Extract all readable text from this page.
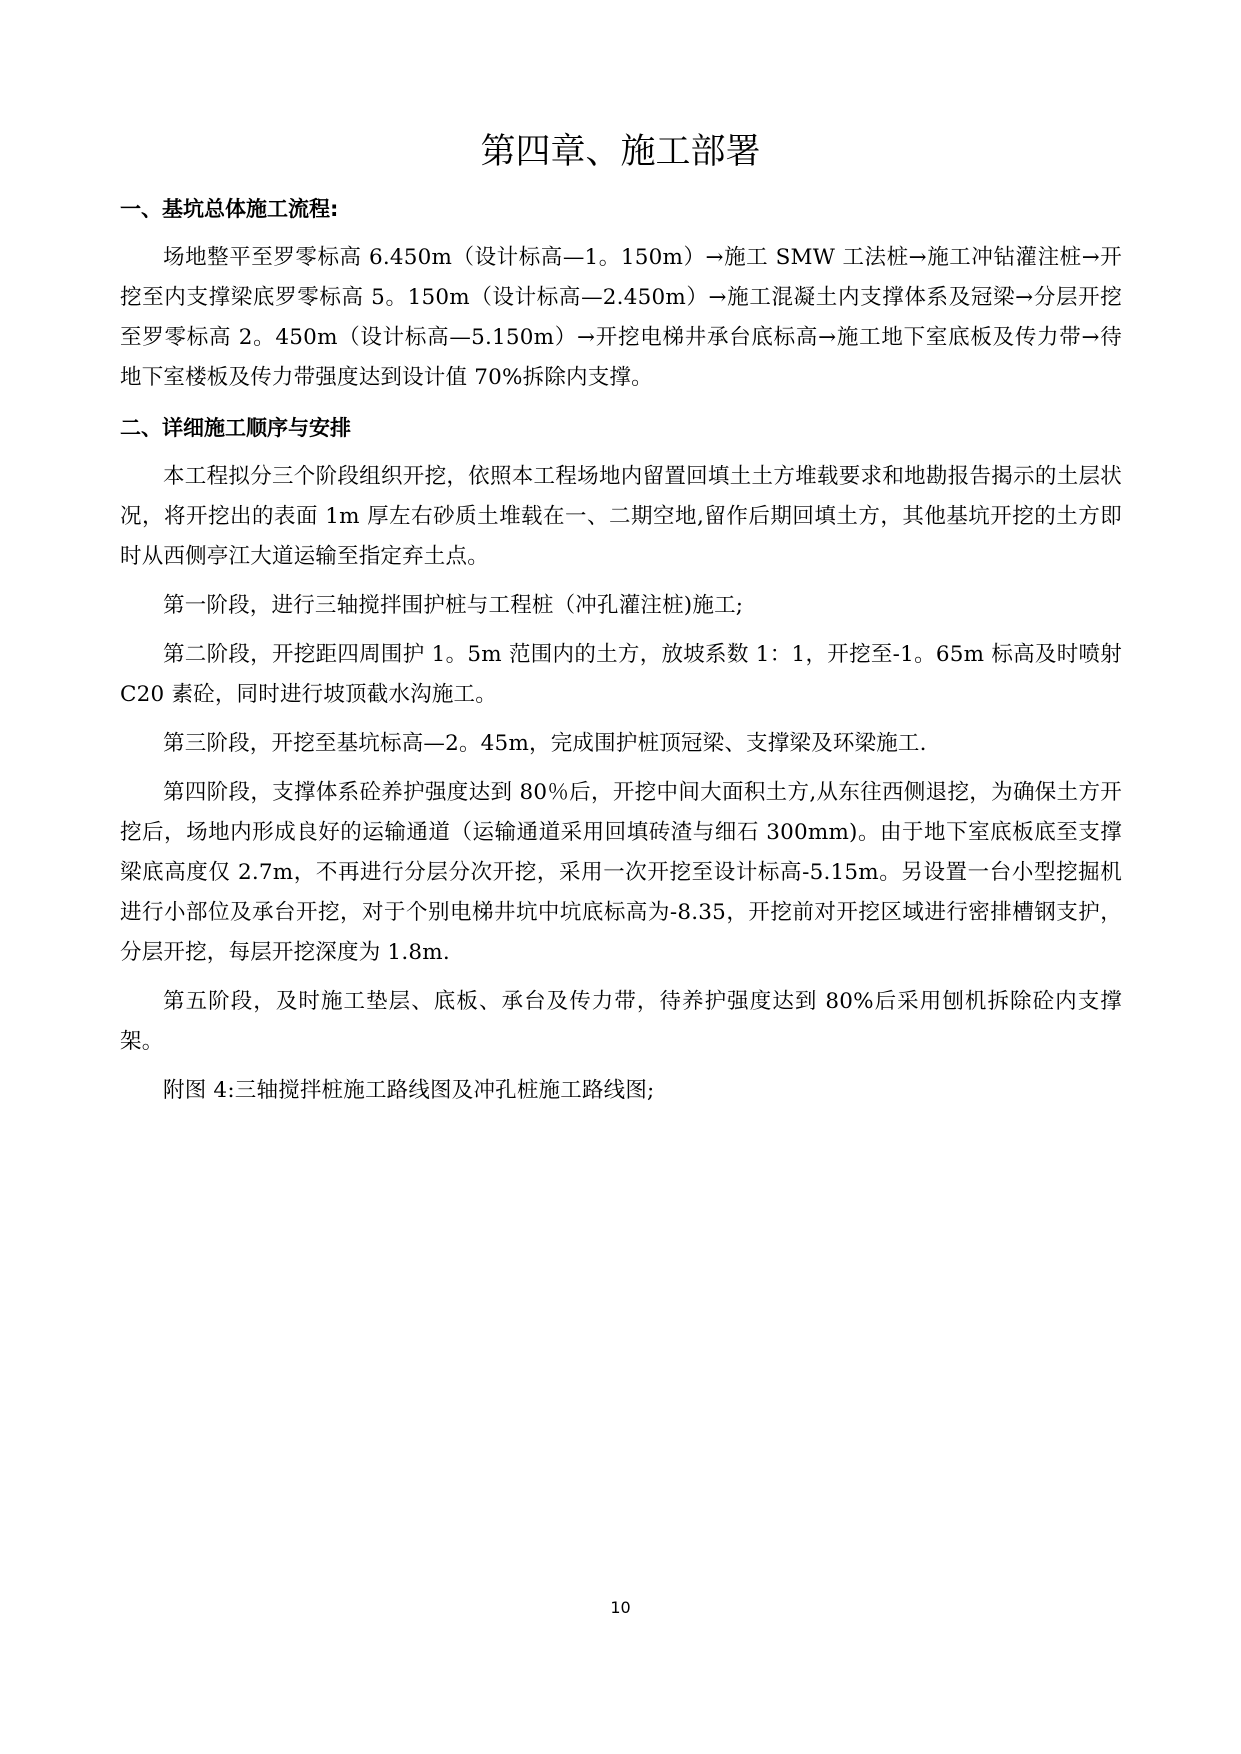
第四章、施工部署
一、基坑总体施工流程:

场地整平至罗零标高 6.450m（设计标高—1。150m）→施工 SMW 工法桩→施工冲钻灌注桩→开挖至内支撑梁底罗零标高 5。150m（设计标高—2.450m）→施工混凝土内支撑体系及冠梁→分层开挖至罗零标高 2。450m（设计标高—5.150m）→开挖电梯井承台底标高→施工地下室底板及传力带→待地下室楼板及传力带强度达到设计值 70%拆除内支撑。

二、详细施工顺序与安排

本工程拟分三个阶段组织开挖，依照本工程场地内留置回填土土方堆载要求和地勘报告揭示的土层状况，将开挖出的表面 1m 厚左右砂质土堆载在一、二期空地,留作后期回填土方，其他基坑开挖的土方即时从西侧亭江大道运输至指定弃土点。

第一阶段，进行三轴搅拌围护桩与工程桩（冲孔灌注桩)施工;

第二阶段，开挖距四周围护 1。5m 范围内的土方，放坡系数 1：1，开挖至-1。65m 标高及时喷射 C20 素砼，同时进行坡顶截水沟施工。

第三阶段，开挖至基坑标高—2。45m，完成围护桩顶冠梁、支撑梁及环梁施工.

第四阶段，支撑体系砼养护强度达到 80％后，开挖中间大面积土方,从东往西侧退挖，为确保土方开挖后，场地内形成良好的运输通道（运输通道采用回填砖渣与细石 300mm)。由于地下室底板底至支撑梁底高度仅 2.7m，不再进行分层分次开挖，采用一次开挖至设计标高-5.15m。另设置一台小型挖掘机进行小部位及承台开挖，对于个别电梯井坑中坑底标高为-8.35，开挖前对开挖区域进行密排槽钢支护，分层开挖，每层开挖深度为 1.8m.

第五阶段，及时施工垫层、底板、承台及传力带，待养护强度达到 80%后采用刨机拆除砼内支撑架。

附图 4:三轴搅拌桩施工路线图及冲孔桩施工路线图;

10
